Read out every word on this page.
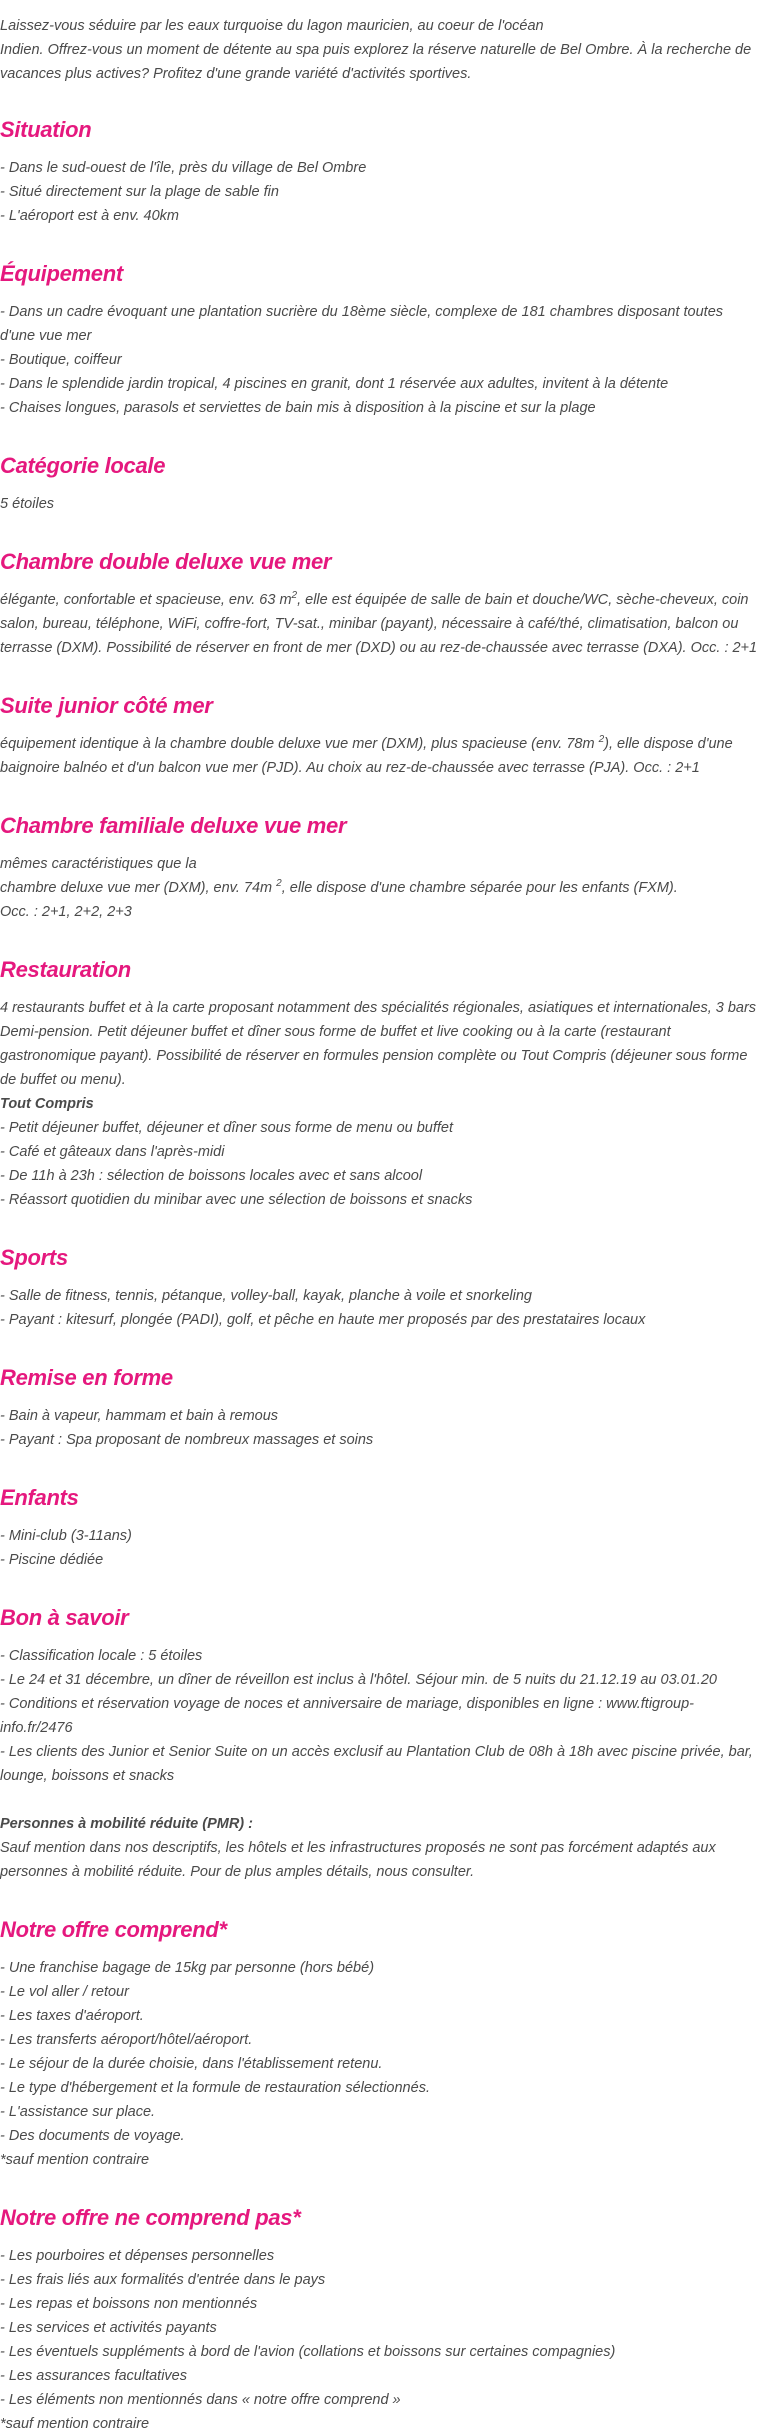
Laissez-vous séduire par les eaux turquoise du lagon mauricien, au coeur de l'océan

Indien. Offrez-vous un moment de détente au spa puis explorez la réserve naturelle de Bel Ombre. À la recherche de vacances plus actives? Profitez d'une grande variété d'activités sportives.

Situation
- Dans le sud-ouest de l'île, près du village de Bel Ombre
- Situé directement sur la plage de sable fin
- L'aéroport est à env. 40km
Équipement
- Dans un cadre évoquant une plantation sucrière du 18ème siècle, complexe de 181 chambres disposant toutes d'une vue mer
- Boutique, coiffeur
- Dans le splendide jardin tropical, 4 piscines en granit, dont 1 réservée aux adultes, invitent à la détente
- Chaises longues, parasols et serviettes de bain mis à disposition à la piscine et sur la plage
Catégorie locale

5 étoiles

Chambre double deluxe vue mer

élégante, confortable et spacieuse, env. 63 $m^2$, elle est équipée de salle de bain et douche/WC, sèche-cheveux, coin salon, bureau, téléphone, WiFi, coffre-fort, TV-sat., minibar (payant), nécessaire à café/thé, climatisation, balcon ou terrasse (DXM). Possibilité de réserver en front de mer (DXD) ou au rez-de-chaussée avec terrasse (DXA). Occ. : 2+1

Suite junior côté mer

équipement identique à la chambre double deluxe vue mer (DXM), plus spacieuse (env. 78m $^2$), elle dispose d'une baignoire balnéo et d'un balcon vue mer (PJD). Au choix au rez-de-chaussée avec terrasse (PJA). Occ. : 2+1

Chambre familiale deluxe vue mer

mêmes caractéristiques que la

chambre deluxe vue mer (DXM), env. 74m $^2$, elle dispose d'une chambre séparée pour les enfants (FXM).

Occ. : 2+1, 2+2, 2+3

Restauration

4 restaurants buffet et à la carte proposant notamment des spécialités régionales, asiatiques et internationales, 3 bars Demi-pension. Petit déjeuner buffet et dîner sous forme de buffet et live cooking ou à la carte (restaurant gastronomique payant). Possibilité de réserver en formules pension complète ou Tout Compris (déjeuner sous forme de buffet ou menu).

Tout Compris

- Petit déjeuner buffet, déjeuner et dîner sous forme de menu ou buffet
- Café et gâteaux dans l'après-midi
- De 11h à 23h : sélection de boissons locales avec et sans alcool
- Réassort quotidien du minibar avec une sélection de boissons et snacks
Sports
- Salle de fitness, tennis, pétanque, volley-ball, kayak, planche à voile et snorkeling
- Payant : kitesurf, plongée (PADI), golf, et pêche en haute mer proposés par des prestataires locaux
Remise en forme
- Bain à vapeur, hammam et bain à remous
- Payant : Spa proposant de nombreux massages et soins
Enfants
- Mini-club (3-11ans)
- Piscine dédiée
Bon à savoir
- Classification locale : 5 étoiles
- Le 24 et 31 décembre, un dîner de réveillon est inclus à l'hôtel. Séjour min. de 5 nuits du 21.12.19 au 03.01.20
- Conditions et réservation voyage de noces et anniversaire de mariage, disponibles en ligne : www.ftigroup-info.fr/2476
- Les clients des Junior et Senior Suite on un accès exclusif au Plantation Club de 08h à 18h avec piscine privée, bar, lounge, boissons et snacks

Personnes à mobilité réduite (PMR) :

Sauf mention dans nos descriptifs, les hôtels et les infrastructures proposés ne sont pas forcément adaptés aux personnes à mobilité réduite. Pour de plus amples détails, nous consulter.

Notre offre comprend*
- Une franchise bagage de 15kg par personne (hors bébé)
- Le vol aller / retour
- Les taxes d'aéroport.
- Les transferts aéroport/hôtel/aéroport.
- Le séjour de la durée choisie, dans l'établissement retenu.
- Le type d'hébergement et la formule de restauration sélectionnés.
- L'assistance sur place.
- Des documents de voyage.

*sauf mention contraire

Notre offre ne comprend pas*
- Les pourboires et dépenses personnelles
- Les frais liés aux formalités d'entrée dans le pays
- Les repas et boissons non mentionnés
- Les services et activités payants
- Les éventuels suppléments à bord de l'avion (collations et boissons sur certaines compagnies)
- Les assurances facultatives
- Les éléments non mentionnés dans « notre offre comprend »

*sauf mention contraire
